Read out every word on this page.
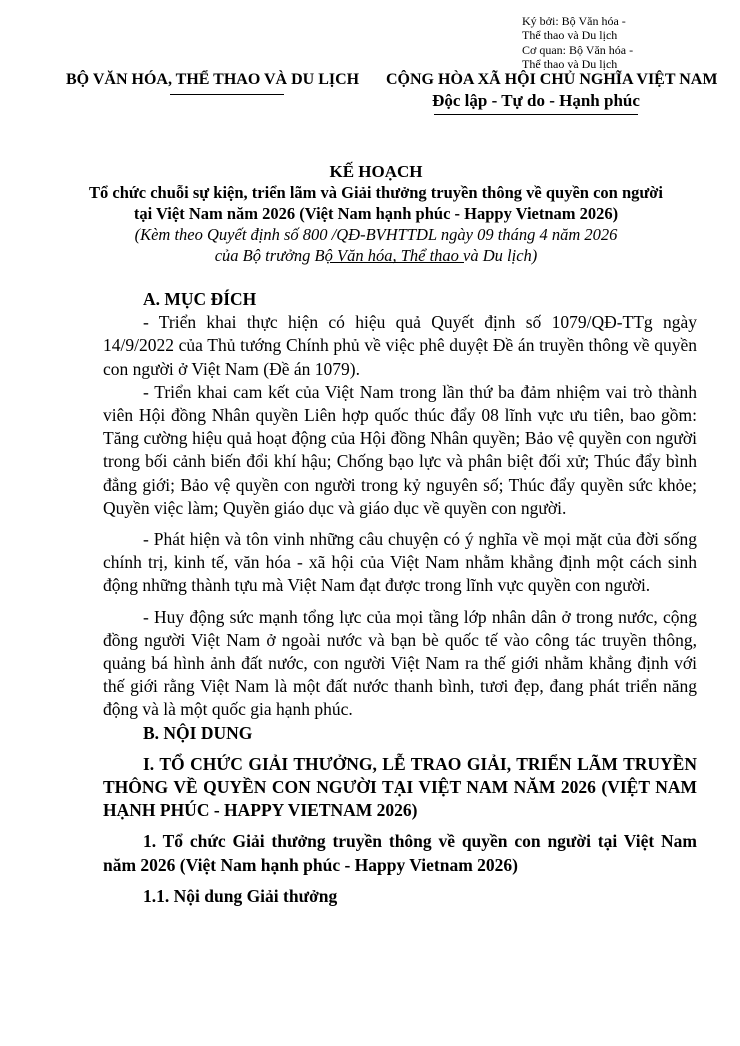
Ký bởi: Bộ Văn hóa -
Thể thao và Du lịch
Cơ quan: Bộ Văn hóa -
Thể thao và Du lịch
BỘ VĂN HÓA, THỂ THAO VÀ DU LỊCH CỘNG HÒA XÃ HỘI CHỦ NGHĨA VIỆT NAM
Độc lập - Tự do - Hạnh phúc
KẾ HOẠCH
Tổ chức chuỗi sự kiện, triển lãm và Giải thưởng truyền thông về quyền con người
tại Việt Nam năm 2026 (Việt Nam hạnh phúc - Happy Vietnam 2026)
(Kèm theo Quyết định số 800 /QĐ-BVHTTDL ngày 09 tháng 4 năm 2026
của Bộ trưởng Bộ Văn hóa, Thể thao và Du lịch)

A. MỤC ĐÍCH

- Triển khai thực hiện có hiệu quả Quyết định số 1079/QĐ-TTg ngày 14/9/2022 của Thủ tướng Chính phủ về việc phê duyệt Đề án truyền thông về quyền con người ở Việt Nam (Đề án 1079).

- Triển khai cam kết của Việt Nam trong lần thứ ba đảm nhiệm vai trò thành viên Hội đồng Nhân quyền Liên hợp quốc thúc đẩy 08 lĩnh vực ưu tiên, bao gồm: Tăng cường hiệu quả hoạt động của Hội đồng Nhân quyền; Bảo vệ quyền con người trong bối cảnh biến đổi khí hậu; Chống bạo lực và phân biệt đối xử; Thúc đẩy bình đẳng giới; Bảo vệ quyền con người trong kỷ nguyên số; Thúc đẩy quyền sức khỏe; Quyền việc làm; Quyền giáo dục và giáo dục về quyền con người.

- Phát hiện và tôn vinh những câu chuyện có ý nghĩa về mọi mặt của đời sống chính trị, kinh tế, văn hóa - xã hội của Việt Nam nhằm khẳng định một cách sinh động những thành tựu mà Việt Nam đạt được trong lĩnh vực quyền con người.

- Huy động sức mạnh tổng lực của mọi tầng lớp nhân dân ở trong nước, cộng đồng người Việt Nam ở ngoài nước và bạn bè quốc tế vào công tác truyền thông, quảng bá hình ảnh đất nước, con người Việt Nam ra thế giới nhằm khẳng định với thế giới rằng Việt Nam là một đất nước thanh bình, tươi đẹp, đang phát triển năng động và là một quốc gia hạnh phúc.

B. NỘI DUNG

I. TỔ CHỨC GIẢI THƯỞNG, LỄ TRAO GIẢI, TRIỂN LÃM TRUYỀN THÔNG VỀ QUYỀN CON NGƯỜI TẠI VIỆT NAM NĂM 2026 (VIỆT NAM HẠNH PHÚC - HAPPY VIETNAM 2026)

1. Tổ chức Giải thưởng truyền thông về quyền con người tại Việt Nam năm 2026 (Việt Nam hạnh phúc - Happy Vietnam 2026)

1.1. Nội dung Giải thưởng
